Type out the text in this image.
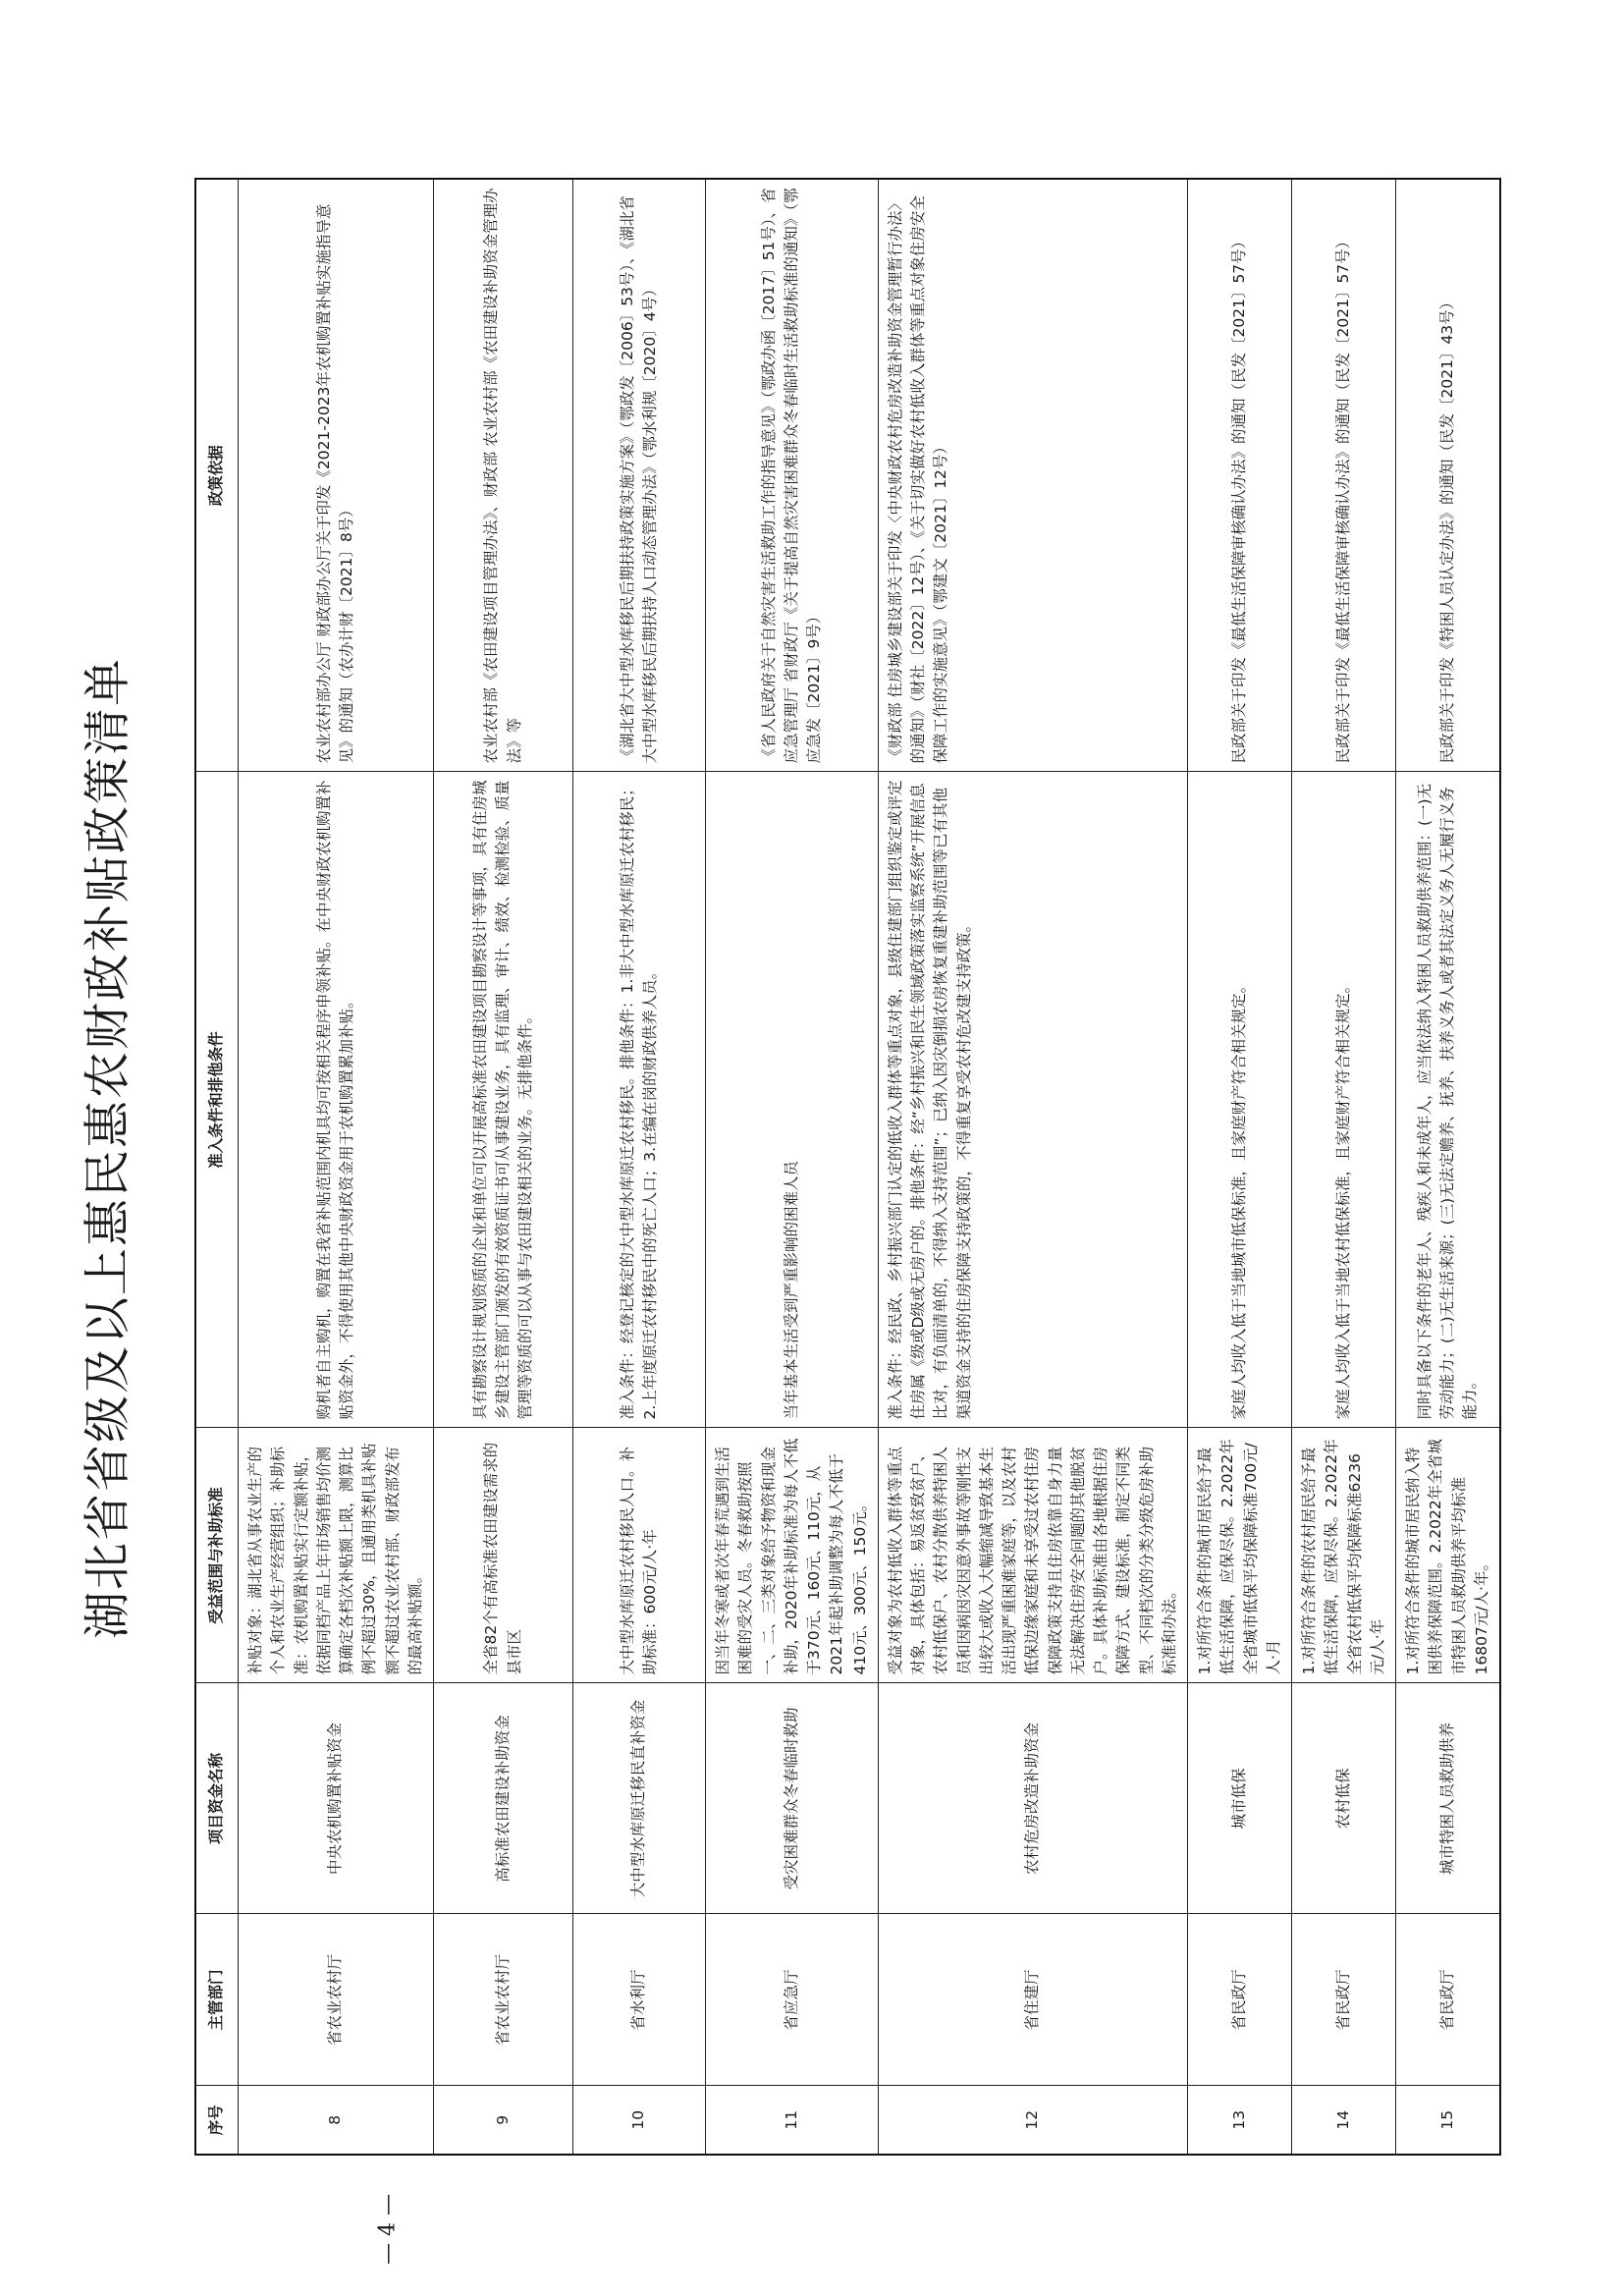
湖北省省级及以上惠民惠农财政补贴政策清单
序号	主管部门	项目资金名称	受益范围与补助标准	准入条件和排他条件	政策依据
8	省农业农村厅	中央农机购置补贴资金	补贴对象：湖北省从事农业生产的个人和农业生产经营组织；补助标准：农机购置补贴实行定额补贴，依据同档产品上年市场销售均价测算确定各档次补贴额上限，测算比例不超过30%，且通用类机具补贴额不超过农业农村部、财政部发布的最高补贴额。	购机者自主购机，购置在我省补贴范围内机具均可按相关程序申领补贴。在中央财政农机购置补贴资金外，不得使用其他中央财政资金用于农机购置累加补贴。	农业农村部办公厅 财政部办公厅关于印发《2021-2023年农机购置补贴实施指导意见》的通知（农办计财〔2021〕8号）
9	省农业农村厅	高标准农田建设补助资金	全省82个有高标准农田建设需求的县市区	具有勘察设计规划资质的企业和单位可以开展高标准农田建设项目勘察设计等事项，具有住房城乡建设主管部门颁发的有效资质证书可从事建设业务，具有监理、审计、绩效、检测检验、质量管理等资质的可以从事与农田建设相关的业务。无排他条件。	农业农村部《农田建设项目管理办法》、财政部 农业农村部《农田建设补助资金管理办法》等
10	省水利厅	大中型水库原迁移民直补资金	大中型水库原迁农村移民人口。补助标准：600元/人·年	准入条件：经登记核定的大中型水库原迁农村移民。排他条件：1.非大中型水库原迁农村移民；2.上年度原迁农村移民中的死亡人口；3.在编在岗的财政供养人员。	《湖北省大中型水库移民后期扶持政策实施方案》（鄂政发〔2006〕53号）、《湖北省大中型水库移民后期扶持人口动态管理办法》（鄂水利规〔2020〕4号）
11	省应急厅	受灾困难群众冬春临时救助	因当年冬寒或者次年春荒遇到生活困难的受灾人员。冬春救助按照一、二、三类对象给予物资和现金补助，2020年补助标准为每人不低于370元、160元、110元，从2021年起补助调整为每人不低于410元、300元、150元。	当年基本生活受到严重影响的困难人员	《省人民政府关于自然灾害生活救助工作的指导意见》（鄂政办函〔2017〕51号）、省应急管理厅 省财政厅《关于提高自然灾害困难群众冬春临时生活救助标准的通知》（鄂应急发〔2021〕9号）
12	省住建厅	农村危房改造补助资金	受益对象为农村低收入群体等重点对象，具体包括：易返贫致贫户、农村低保户、农村分散供养特困人员和因病因灾因意外事故等刚性支出较大或收入大幅缩减导致基本生活出现严重困难家庭等，以及农村低保边缘家庭和未享受过农村住房保障政策支持且住房依靠自身力量无法解决住房安全问题的其他脱贫户。具体补助标准由各地根据住房保障方式、建设标准，制定不同类型、不同档次的分类分级危房补助标准和办法。	准入条件：经民政、乡村振兴部门认定的低收入群体等重点对象，县级住建部门组织鉴定或评定住房属《级或D级或无房户的。排他条件：经“乡村振兴和民生领域政策落实监察系统”开展信息比对，有负面清单的，不得纳入支持范围”；已纳入因灾倒损农房恢复重建补助范围等已有其他渠道资金支持的住房保障支持政策的，不得重复享受农村危改建支持政策。	《财政部 住房城乡建设部关于印发〈中央财政农村危房改造补助资金管理暂行办法〉的通知》（财社〔2022〕12号）、《关于切实做好农村低收入群体等重点对象住房安全保障工作的实施意见》（鄂建文〔2021〕12号）
13	省民政厅	城市低保	1.对所符合条件的城市居民给予最低生活保障，应保尽保。2.2022年全省城市低保平均保障标准700元/人·月	家庭人均收入低于当地城市低保标准，且家庭财产符合相关规定。	民政部关于印发《最低生活保障审核确认办法》的通知（民发〔2021〕57号）
14	省民政厅	农村低保	1.对所符合条件的农村居民给予最低生活保障，应保尽保。2.2022年全省农村低保平均保障标准6236元/人·年	家庭人均收入低于当地农村低保标准，且家庭财产符合相关规定。	民政部关于印发《最低生活保障审核确认办法》的通知（民发〔2021〕57号）
15	省民政厅	城市特困人员救助供养	1.对所符合条件的城市居民纳入特困供养保障范围。2.2022年全省城市特困人员救助供养平均标准16807元/人·年。	同时具备以下条件的老年人、残疾人和未成年人，应当依法纳入特困人员救助供养范围：(一)无劳动能力；(二)无生活来源；(三)无法定赡养、抚养、扶养义务人或者其法定义务人无履行义务能力。	民政部关于印发《特困人员认定办法》的通知（民发〔2021〕43号）
— 4 —
